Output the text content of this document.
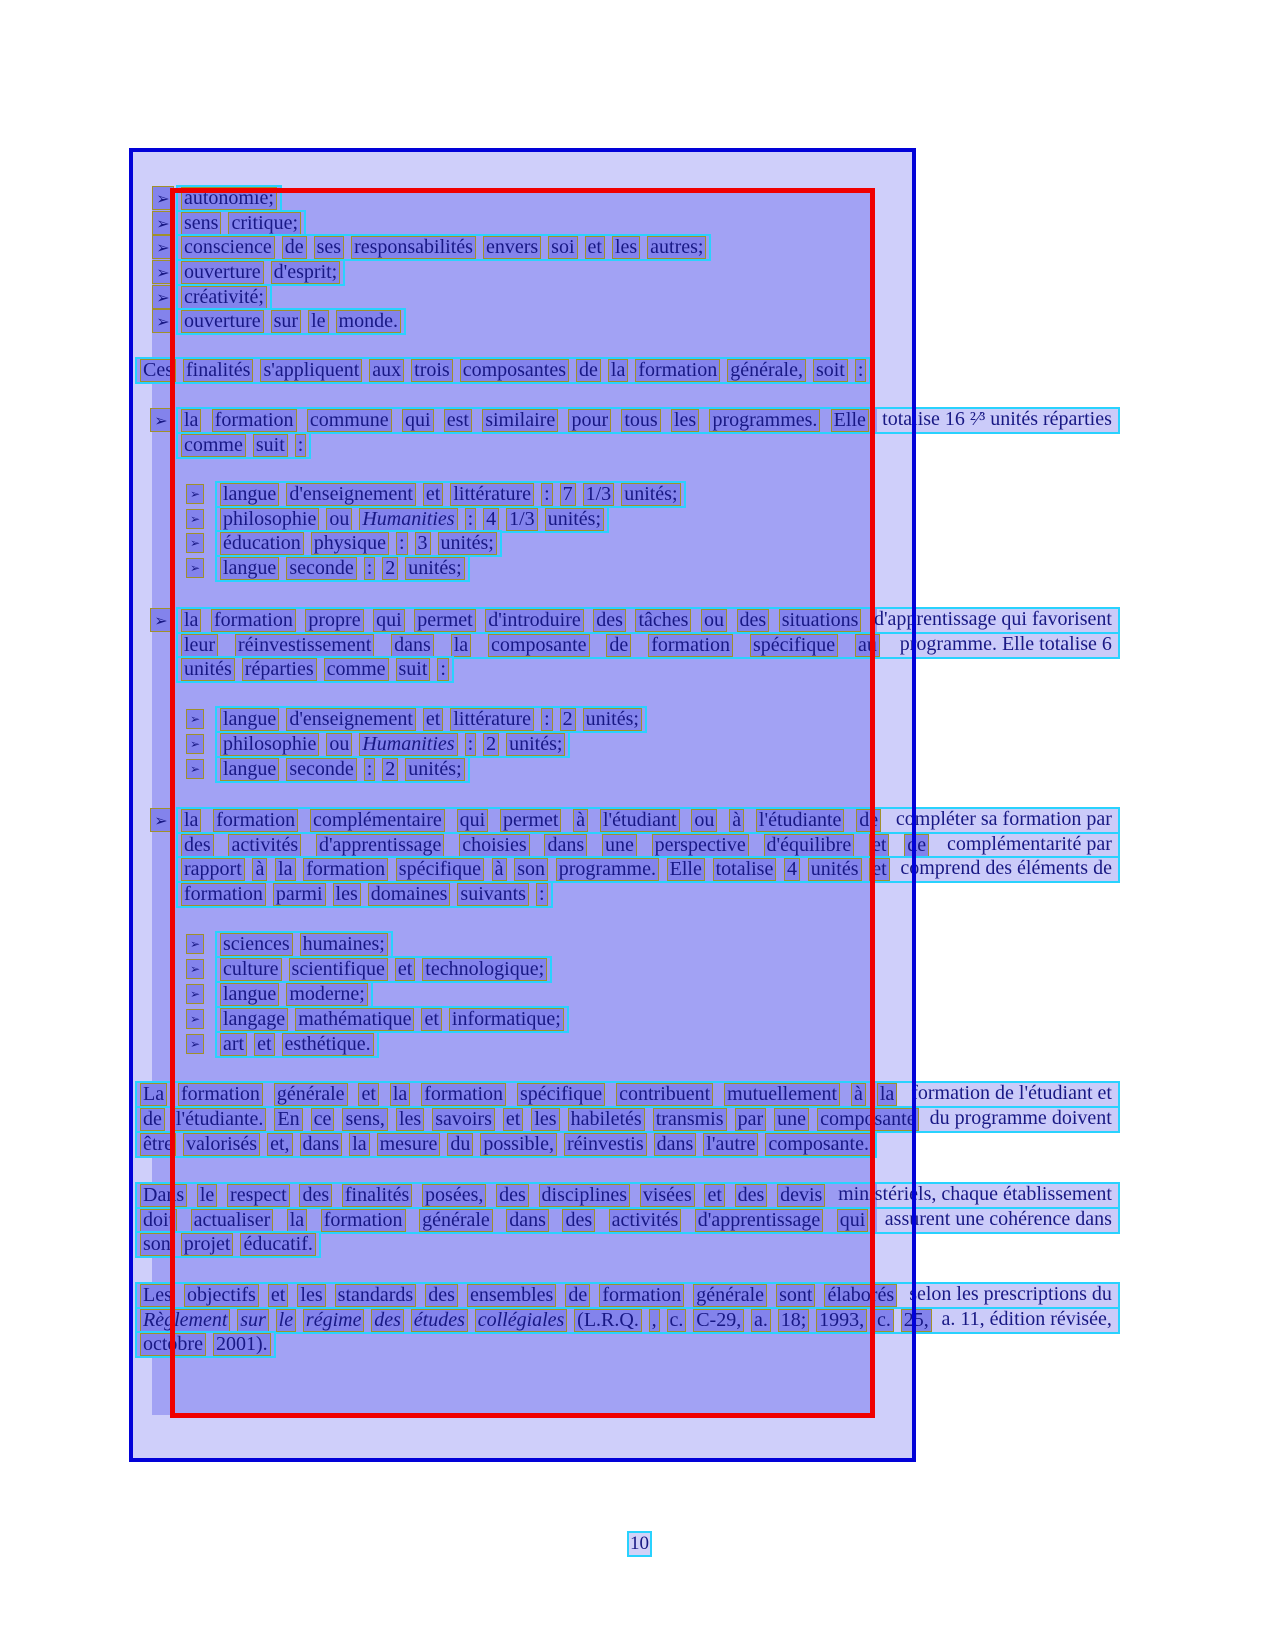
➢ autonomie;
➢ sens critique;
➢ conscience de ses responsabilités envers soi et les autres;
➢ ouverture d'esprit;
➢ créativité;
➢ ouverture sur le monde.
Ces finalités s'appliquent aux trois composantes de la formation générale, soit :
➢ la formation commune qui est similaire pour tous les programmes. Elle totalise 16 ²⁄³ unités réparties
comme suit :
➢ langue d'enseignement et littérature : 7 1/3 unités;
➢ philosophie ou Humanities : 4 1/3 unités;
➢ éducation physique : 3 unités;
➢ langue seconde : 2 unités;
➢ la formation propre qui permet d'introduire des tâches ou des situations d'apprentissage qui favorisent
leur réinvestissement dans la composante de formation spécifique au programme. Elle totalise 6
unités réparties comme suit :
➢ langue d'enseignement et littérature : 2 unités;
➢ philosophie ou Humanities : 2 unités;
➢ langue seconde : 2 unités;
➢ la formation complémentaire qui permet à l'étudiant ou à l'étudiante de compléter sa formation par
des activités d'apprentissage choisies dans une perspective d'équilibre et de complémentarité par
rapport à la formation spécifique à son programme. Elle totalise 4 unités et comprend des éléments de
formation parmi les domaines suivants :
➢ sciences humaines;
➢ culture scientifique et technologique;
➢ langue moderne;
➢ langage mathématique et informatique;
➢ art et esthétique.
La formation générale et la formation spécifique contribuent mutuellement à la formation de l'étudiant et
de l'étudiante. En ce sens, les savoirs et les habiletés transmis par une composante du programme doivent
être valorisés et, dans la mesure du possible, réinvestis dans l'autre composante.
Dans le respect des finalités posées, des disciplines visées et des devis ministériels, chaque établissement
doit actualiser la formation générale dans des activités d'apprentissage qui assurent une cohérence dans
son projet éducatif.
Les objectifs et les standards des ensembles de formation générale sont élaborés selon les prescriptions du
Règlement sur le régime des études collégiales (L.R.Q. , c. C-29, a. 18; 1993, c. 25, a. 11, édition révisée,
octobre 2001).
10
